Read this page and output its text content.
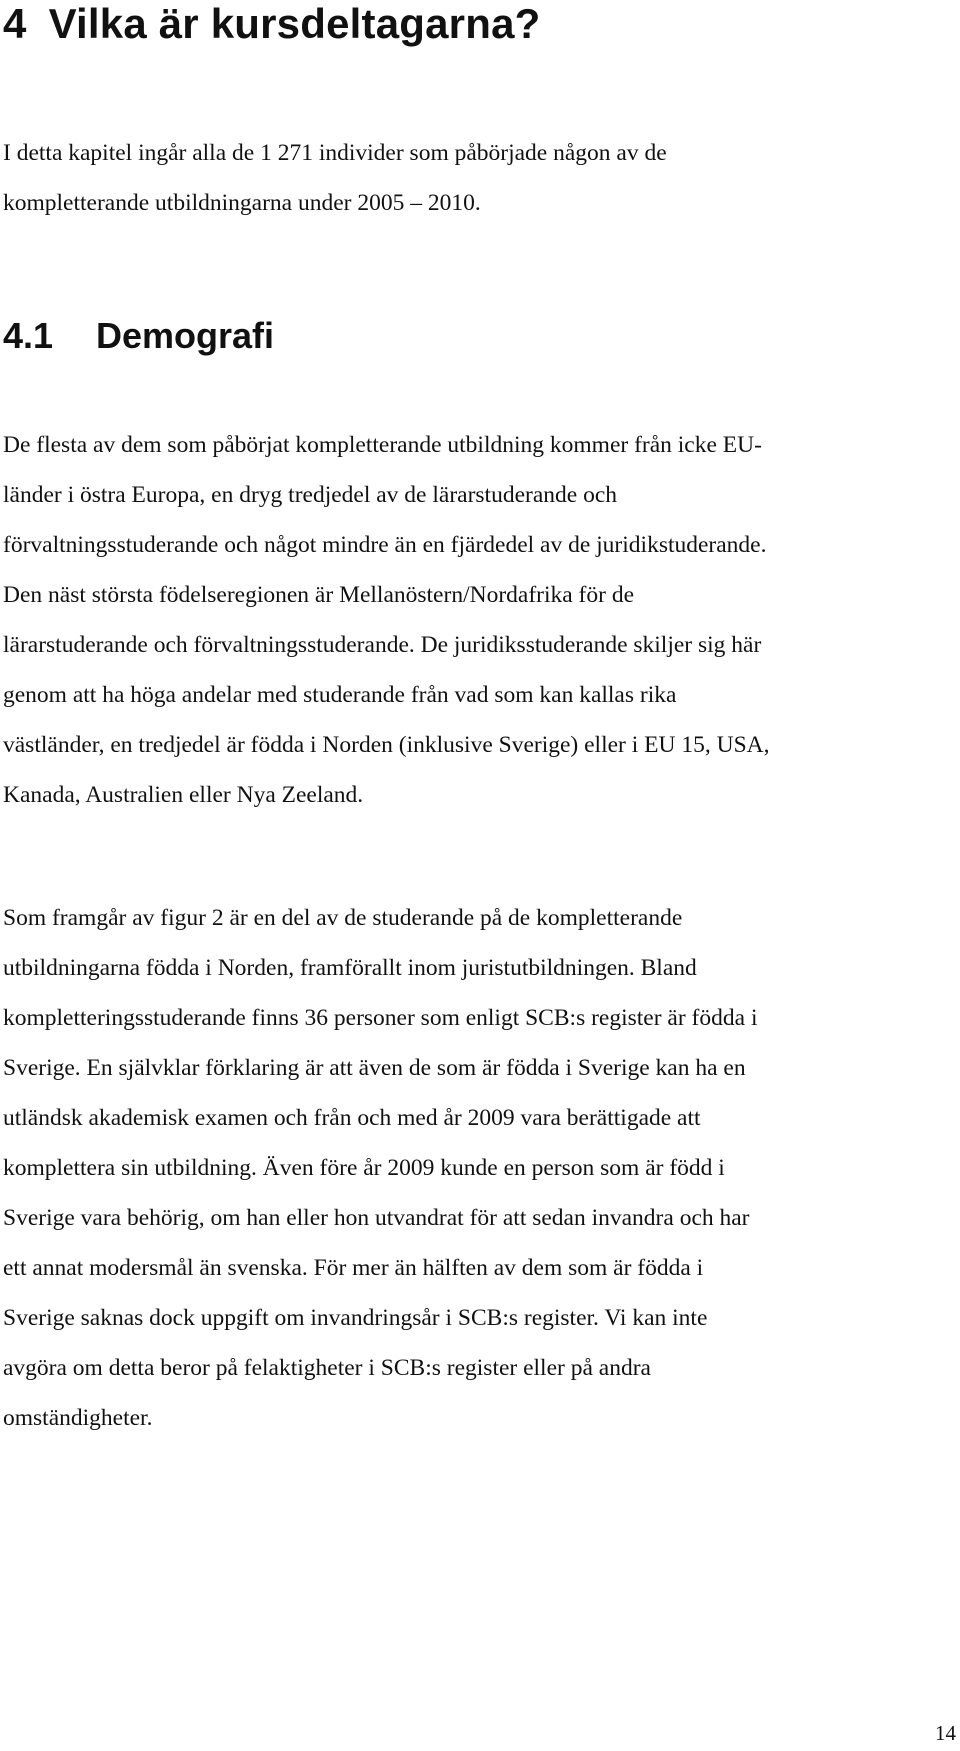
4 Vilka är kursdeltagarna?

I detta kapitel ingår alla de 1 271 individer som påbörjade någon av de
kompletterande utbildningarna under 2005 – 2010.

4.1 Demografi

De flesta av dem som påbörjat kompletterande utbildning kommer från icke EU-
länder i östra Europa, en dryg tredjedel av de lärarstuderande och
förvaltningsstuderande och något mindre än en fjärdedel av de juridikstuderande.
Den näst största födelseregionen är Mellanöstern/Nordafrika för de
lärarstuderande och förvaltningsstuderande. De juridiksstuderande skiljer sig här
genom att ha höga andelar med studerande från vad som kan kallas rika
västländer, en tredjedel är födda i Norden (inklusive Sverige) eller i EU 15, USA,
Kanada, Australien eller Nya Zeeland.

Som framgår av figur 2 är en del av de studerande på de kompletterande
utbildningarna födda i Norden, framförallt inom juristutbildningen. Bland
kompletteringsstuderande finns 36 personer som enligt SCB:s register är födda i
Sverige. En självklar förklaring är att även de som är födda i Sverige kan ha en
utländsk akademisk examen och från och med år 2009 vara berättigade att
komplettera sin utbildning. Även före år 2009 kunde en person som är född i
Sverige vara behörig, om han eller hon utvandrat för att sedan invandra och har
ett annat modersmål än svenska. För mer än hälften av dem som är födda i
Sverige saknas dock uppgift om invandringsår i SCB:s register. Vi kan inte
avgöra om detta beror på felaktigheter i SCB:s register eller på andra
omständigheter.

14
